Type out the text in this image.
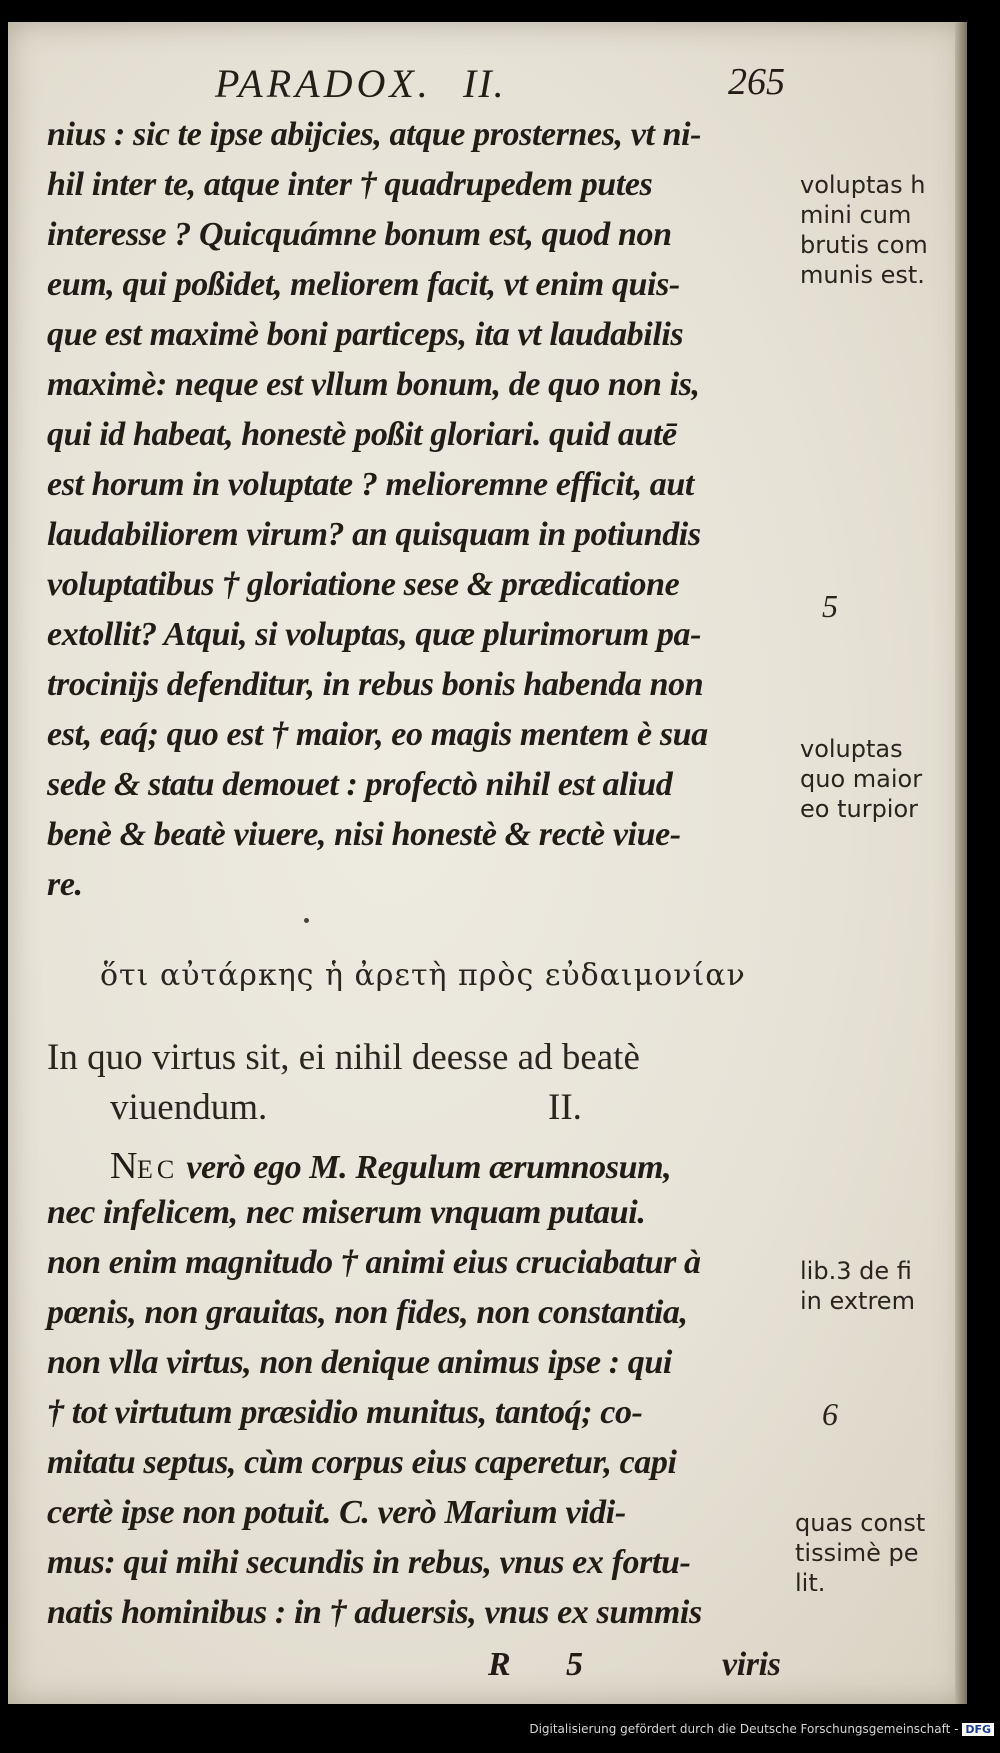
PARADOX. II.	265
nius : sic te ipse abijcies, atque prosternes, vt ni-
hil inter te, atque inter † quadrupedem putes
interesse ? Quicquámne bonum est, quod non
eum, qui poßidet, meliorem facit, vt enim quis-
que est maximè boni particeps, ita vt laudabilis
maximè: neque est vllum bonum, de quo non is,
qui id habeat, honestè poßit gloriari. quid autē
est horum in voluptate ? melioremne efficit, aut
laudabiliorem virum? an quisquam in potiundis
voluptatibus † gloriatione sese & prædicatione
extollit? Atqui, si voluptas, quæ plurimorum pa-
trocinijs defenditur, in rebus bonis habenda non
est, eaq́; quo est † maior, eo magis mentem è sua
sede & statu demouet : profectò nihil est aliud
benè & beatè viuere, nisi honestè & rectè viue-
re.
ὅτι αὐτάρκης ἡ ἀρετὴ πρὸς εὐδαιμονίαν
In quo virtus sit, ei nihil deesse ad beatè
viuendum.	II.
NEC verò ego M. Regulum ærumnosum,
nec infelicem, nec miserum vnquam putaui.
non enim magnitudo † animi eius cruciabatur à
pœnis, non grauitas, non fides, non constantia,
non vlla virtus, non denique animus ipse : qui
† tot virtutum præsidio munitus, tantoq́; co-
mitatu septus, cùm corpus eius caperetur, capi
certè ipse non potuit. C. verò Marium vidi-
mus: qui mihi secundis in rebus, vnus ex fortu-
natis hominibus : in † aduersis, vnus ex summis
R 5	viris
voluptas h
mini cum
brutis com
munis est.
5
voluptas
quo maior
eo turpior
lib.3 de fi
in extrem
6
quas const
tissimè pe
lit.
Digitalisierung gefördert durch die Deutsche Forschungsgemeinschaft - DFG
